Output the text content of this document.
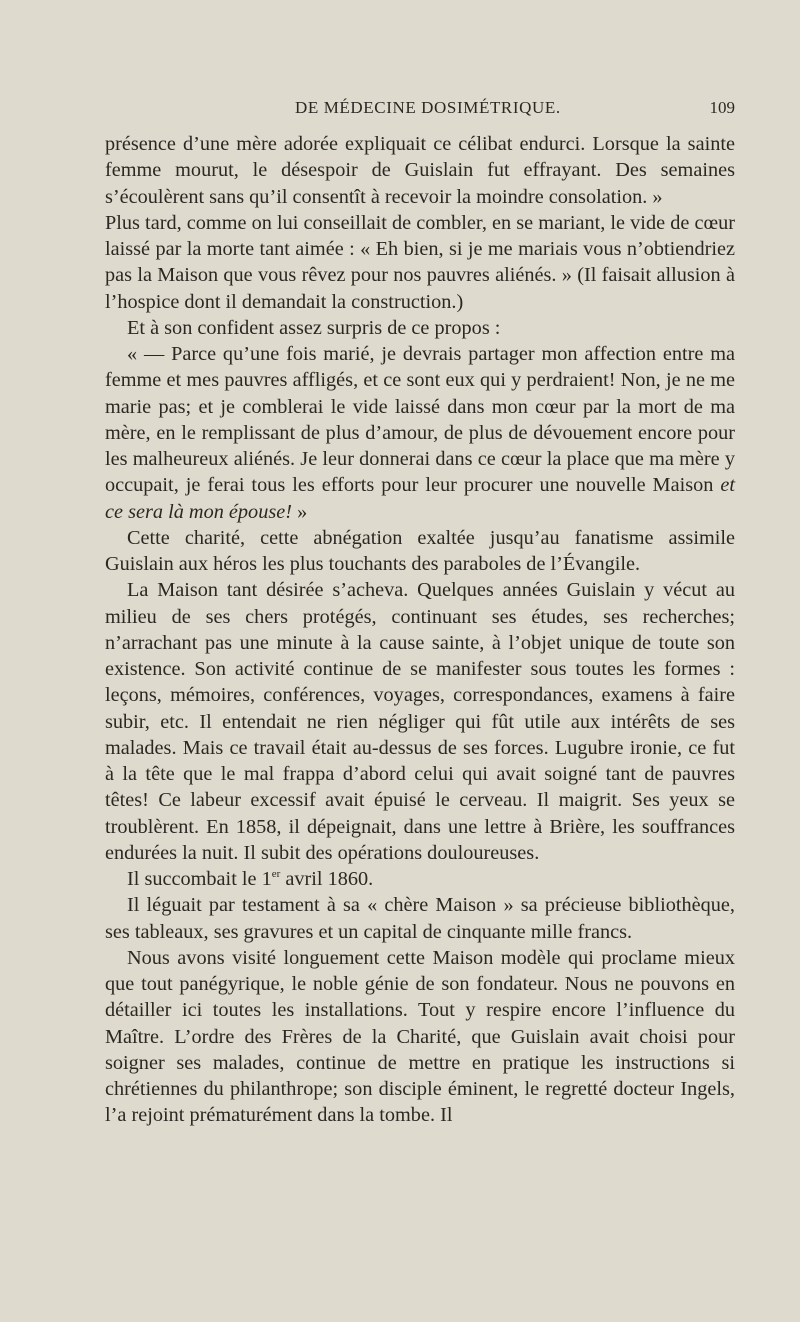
DE MÉDECINE DOSIMÉTRIQUE.	109

présence d’une mère adorée expliquait ce célibat endurci. Lorsque la sainte femme mourut, le désespoir de Guislain fut effrayant. Des semaines s’écoulèrent sans qu’il consentît à recevoir la moindre consolation. »

Plus tard, comme on lui conseillait de combler, en se mariant, le vide de cœur laissé par la morte tant aimée : « Eh bien, si je me mariais vous n’obtiendriez pas la Maison que vous rêvez pour nos pauvres aliénés. » (Il faisait allusion à l’hospice dont il demandait la construction.)

Et à son confident assez surpris de ce propos :

« — Parce qu’une fois marié, je devrais partager mon affection entre ma femme et mes pauvres affligés, et ce sont eux qui y perdraient! Non, je ne me marie pas; et je comblerai le vide laissé dans mon cœur par la mort de ma mère, en le remplissant de plus d’amour, de plus de dévouement encore pour les malheureux aliénés. Je leur donnerai dans ce cœur la place que ma mère y occupait, je ferai tous les efforts pour leur procurer une nouvelle Maison et ce sera là mon épouse! »

Cette charité, cette abnégation exaltée jusqu’au fanatisme assimile Guislain aux héros les plus touchants des paraboles de l’Évangile.

La Maison tant désirée s’acheva. Quelques années Guislain y vécut au milieu de ses chers protégés, continuant ses études, ses recherches; n’arrachant pas une minute à la cause sainte, à l’objet unique de toute son existence. Son activité continue de se manifester sous toutes les formes : leçons, mémoires, conférences, voyages, correspondances, examens à faire subir, etc. Il entendait ne rien négliger qui fût utile aux intérêts de ses malades. Mais ce travail était au-dessus de ses forces. Lugubre ironie, ce fut à la tête que le mal frappa d’abord celui qui avait soigné tant de pauvres têtes! Ce labeur excessif avait épuisé le cerveau. Il maigrit. Ses yeux se troublèrent. En 1858, il dépeignait, dans une lettre à Brière, les souffrances endurées la nuit. Il subit des opérations douloureuses.

Il succombait le 1er avril 1860.

Il léguait par testament à sa « chère Maison » sa précieuse bibliothèque, ses tableaux, ses gravures et un capital de cinquante mille francs.

Nous avons visité longuement cette Maison modèle qui proclame mieux que tout panégyrique, le noble génie de son fondateur. Nous ne pouvons en détailler ici toutes les installations. Tout y respire encore l’influence du Maître. L’ordre des Frères de la Charité, que Guislain avait choisi pour soigner ses malades, continue de mettre en pratique les instructions si chrétiennes du philanthrope; son disciple éminent, le regretté docteur Ingels, l’a rejoint prématurément dans la tombe. Il
